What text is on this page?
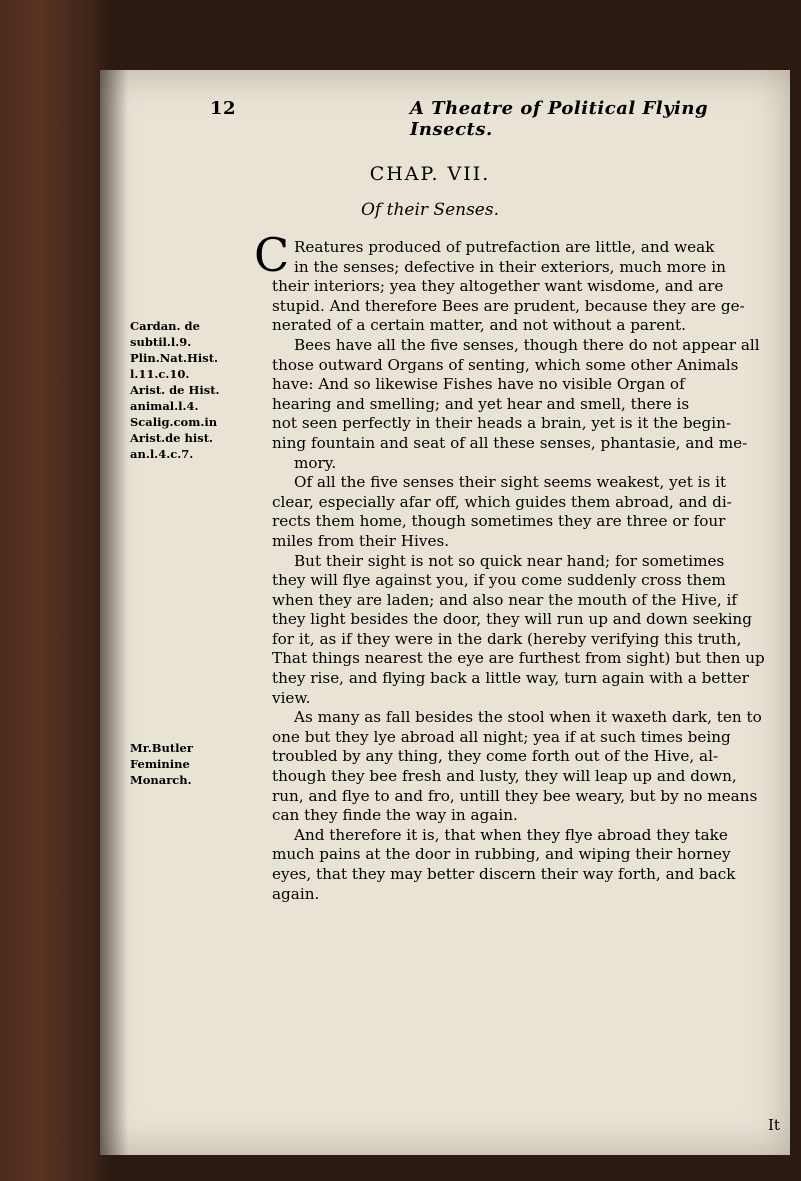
12	A Theatre of Political Flying Insects.
CHAP. VII.
Of their Senses.
Cardan. de
subtil.l.9.
Plin.Nat.Hist.
l.11.c.10.
Arist. de Hist.
animal.l.4.
Scalig.com.in
Arist.de hist.
an.l.4.c.7.
Mr.Butler
Feminine
Monarch.
C Reatures produced of putrefaction are little, and weak
in the senses; defective in their exteriors, much more in
their interiors; yea they altogether want wisdome, and are
stupid. And therefore Bees are prudent, because they are ge-
nerated of a certain matter, and not without a parent.
Bees have all the five senses, though there do not appear all
those outward Organs of senting, which some other Animals
have: And so likewise Fishes have no visible Organ of
hearing and smelling; and yet hear and smell, there is
not seen perfectly in their heads a brain, yet is it the begin-
ning fountain and seat of all these senses, phantasie, and me-
mory.
Of all the five senses their sight seems weakest, yet is it
clear, especially afar off, which guides them abroad, and di-
rects them home, though sometimes they are three or four
miles from their Hives.
But their sight is not so quick near hand; for sometimes
they will flye against you, if you come suddenly cross them
when they are laden; and also near the mouth of the Hive, if
they light besides the door, they will run up and down seeking
for it, as if they were in the dark (hereby verifying this truth,
That things nearest the eye are furthest from sight) but then up
they rise, and flying back a little way, turn again with a better
view.
As many as fall besides the stool when it waxeth dark, ten to
one but they lye abroad all night; yea if at such times being
troubled by any thing, they come forth out of the Hive, al-
though they bee fresh and lusty, they will leap up and down,
run, and flye to and fro, untill they bee weary, but by no means
can they finde the way in again.
And therefore it is, that when they flye abroad they take
much pains at the door in rubbing, and wiping their horney
eyes, that they may better discern their way forth, and back
again.
It
